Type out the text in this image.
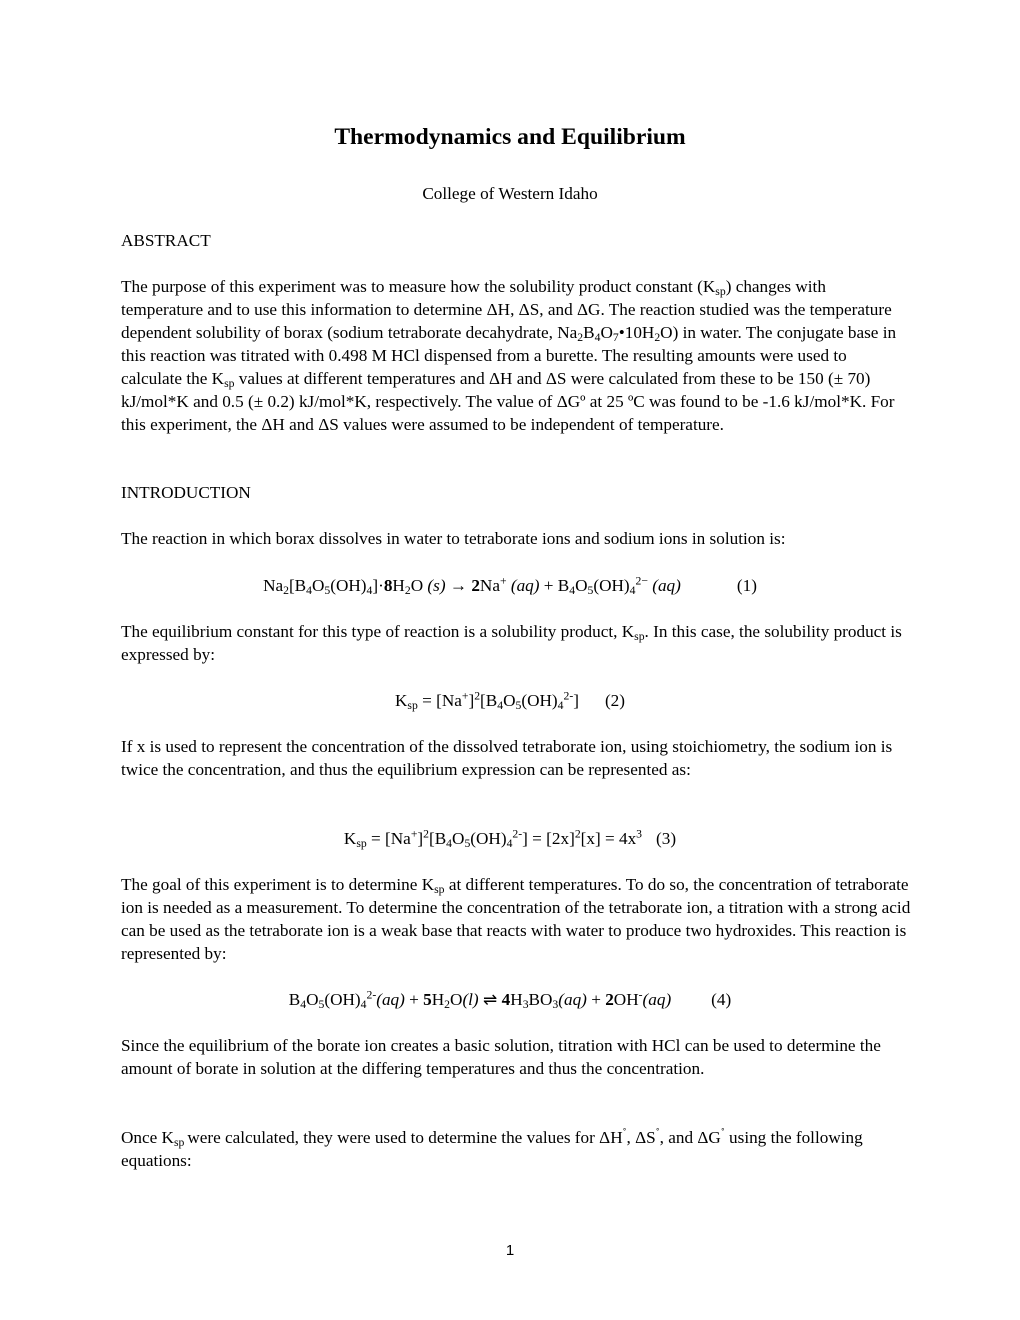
Thermodynamics and Equilibrium
College of Western Idaho
ABSTRACT
The purpose of this experiment was to measure how the solubility product constant $(K_{sp})$ changes with temperature and to use this information to determine ΔH, ΔS, and ΔG. The reaction studied was the temperature dependent solubility of borax (sodium tetraborate decahydrate, $Na_2B_4O_7•10H_2O$) in water. The conjugate base in this reaction was titrated with 0.498 M HCl dispensed from a burette. The resulting amounts were used to calculate the $K_{sp}$ values at different temperatures and ΔH and ΔS were calculated from these to be 150 (± 70) kJ/mol*K and 0.5 (± 0.2) kJ/mol*K, respectively. The value of ΔGº at 25 ºC was found to be -1.6 kJ/mol*K. For this experiment, the ΔH and ΔS values were assumed to be independent of temperature.
INTRODUCTION
The reaction in which borax dissolves in water to tetraborate ions and sodium ions in solution is:
$Na_2[B_4O_5(OH)_4]\cdot 8H_2O$ (s) → 2Na+ $(aq) + B_4O_5(OH)_4^{2-}$ (aq)	(1)
The equilibrium constant for this type of reaction is a solubility product, $K_{sp}$. In this case, the solubility product is expressed by:
$K_{sp} = [Na^+]^2[B_4O_5(OH)_4^{2-}]$ (2)
If x is used to represent the concentration of the dissolved tetraborate ion, using stoichiometry, the sodium ion is twice the concentration, and thus the equilibrium expression can be represented as:
$K_{sp} = [Na^+]^2[B_4O_5(OH)_4^{2-}] = [2x]^2[x] = 4x^3$ (3)
The goal of this experiment is to determine $K_{sp}$ at different temperatures. To do so, the concentration of tetraborate ion is needed as a measurement. To determine the concentration of the tetraborate ion, a titration with a strong acid can be used as the tetraborate ion is a weak base that reacts with water to produce two hydroxides. This reaction is represented by:
$B_4O_5(OH)_4^{2-}(aq) + 5H_2O(l)$ ⇌ $4H_3BO_3(aq) + 2OH^-(aq)$ (4)
Since the equilibrium of the borate ion creates a basic solution, titration with HCl can be used to determine the amount of borate in solution at the differing temperatures and thus the concentration.
Once $K_{sp}$ were calculated, they were used to determine the values for ΔH˚, ΔS˚, and ΔG˚ using the following equations:
1
